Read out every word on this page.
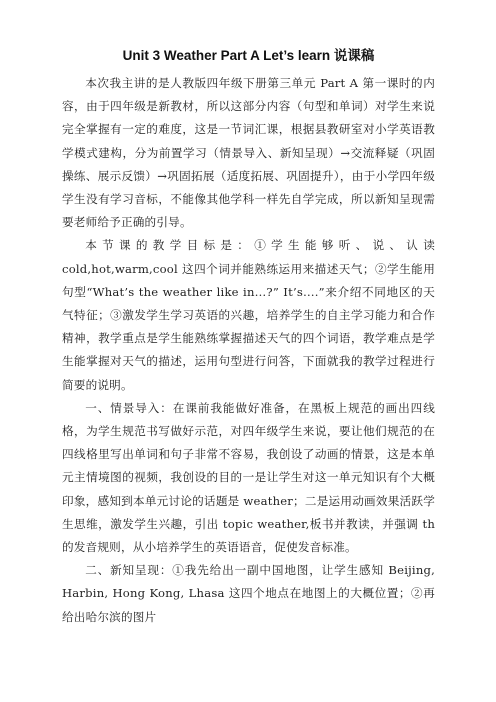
Unit 3 Weather Part A Let’s learn 说课稿

本次我主讲的是人教版四年级下册第三单元 Part A 第一课时的内容，由于四年级是新教材，所以这部分内容（句型和单词）对学生来说完全掌握有一定的难度，这是一节词汇课，根据县教研室对小学英语教学模式建构，分为前置学习（情景导入、新知呈现）→交流释疑（巩固操练、展示反馈）→巩固拓展（适度拓展、巩固提升），由于小学四年级学生没有学习音标，不能像其他学科一样先自学完成，所以新知呈现需要老师给予正确的引导。

本节课的教学目标是：①学生能够听、说、认读 cold,hot,warm,cool 这四个词并能熟练运用来描述天气；②学生能用句型“What’s the weather like in…?” It’s….”来介绍不同地区的天气特征；③激发学生学习英语的兴趣，培养学生的自主学习能力和合作精神，教学重点是学生能熟练掌握描述天气的四个词语，教学难点是学生能掌握对天气的描述，运用句型进行问答，下面就我的教学过程进行简要的说明。

一、情景导入：在课前我能做好准备，在黑板上规范的画出四线格，为学生规范书写做好示范，对四年级学生来说，要让他们规范的在四线格里写出单词和句子非常不容易，我创设了动画的情景，这是本单元主情境图的视频，我创设的目的一是让学生对这一单元知识有个大概印象，感知到本单元讨论的话题是 weather；二是运用动画效果活跃学生思维，激发学生兴趣，引出 topic weather,板书并教读，并强调 th 的发音规则，从小培养学生的英语语音，促使发音标准。

二、新知呈现：①我先给出一副中国地图，让学生感知 Beijing, Harbin, Hong Kong, Lhasa 这四个地点在地图上的大概位置；②再给出哈尔滨的图片
